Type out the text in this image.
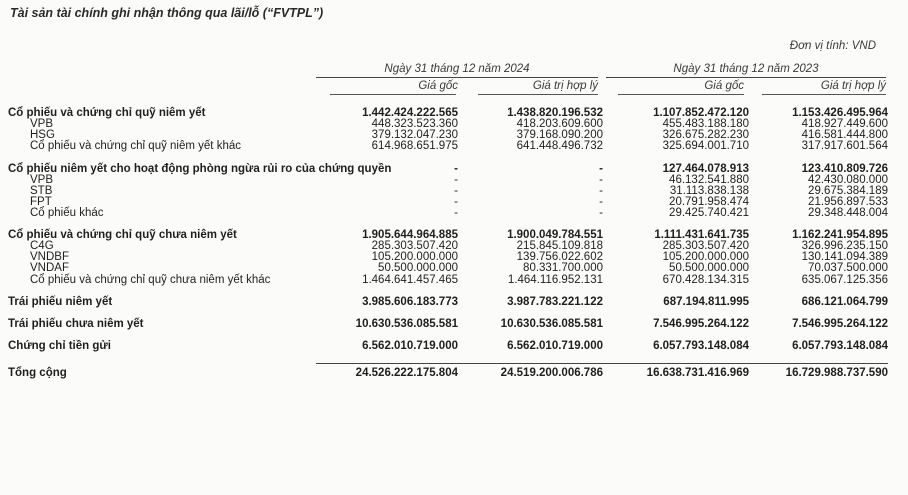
Tài sản tài chính ghi nhận thông qua lãi/lỗ (“FVTPL”)
Đơn vị tính: VND
Ngày 31 tháng 12 năm 2024	Ngày 31 tháng 12 năm 2023
Giá gốc	Giá trị hợp lý	Giá gốc	Giá trị hợp lý

Cổ phiếu và chứng chỉ quỹ niêm yết	1.442.424.222.565	1.438.820.196.532	1.107.852.472.120	1.153.426.495.964
VPB	448.323.523.360	418.203.609.600	455.483.188.180	418.927.449.600
HSG	379.132.047.230	379.168.090.200	326.675.282.230	416.581.444.800
Cổ phiếu và chứng chỉ quỹ niêm yết khác	614.968.651.975	641.448.496.732	325.694.001.710	317.917.601.564

Cổ phiếu niêm yết cho hoạt động phòng ngừa rủi ro của chứng quyền	-	-	127.464.078.913	123.410.809.726
VPB	-	-	46.132.541.880	42.430.080.000
STB	-	-	31.113.838.138	29.675.384.189
FPT	-	-	20.791.958.474	21.956.897.533
Cổ phiếu khác	-	-	29.425.740.421	29.348.448.004

Cổ phiếu và chứng chỉ quỹ chưa niêm yết	1.905.644.964.885	1.900.049.784.551	1.111.431.641.735	1.162.241.954.895
C4G	285.303.507.420	215.845.109.818	285.303.507.420	326.996.235.150
VNDBF	105.200.000.000	139.756.022.602	105.200.000.000	130.141.094.389
VNDAF	50.500.000.000	80.331.700.000	50.500.000.000	70.037.500.000
Cổ phiếu và chứng chỉ quỹ chưa niêm yết khác	1.464.641.457.465	1.464.116.952.131	670.428.134.315	635.067.125.356

Trái phiếu niêm yết	3.985.606.183.773	3.987.783.221.122	687.194.811.995	686.121.064.799

Trái phiếu chưa niêm yết	10.630.536.085.581	10.630.536.085.581	7.546.995.264.122	7.546.995.264.122

Chứng chỉ tiền gửi	6.562.010.719.000	6.562.010.719.000	6.057.793.148.084	6.057.793.148.084

Tổng cộng	24.526.222.175.804	24.519.200.006.786	16.638.731.416.969	16.729.988.737.590
